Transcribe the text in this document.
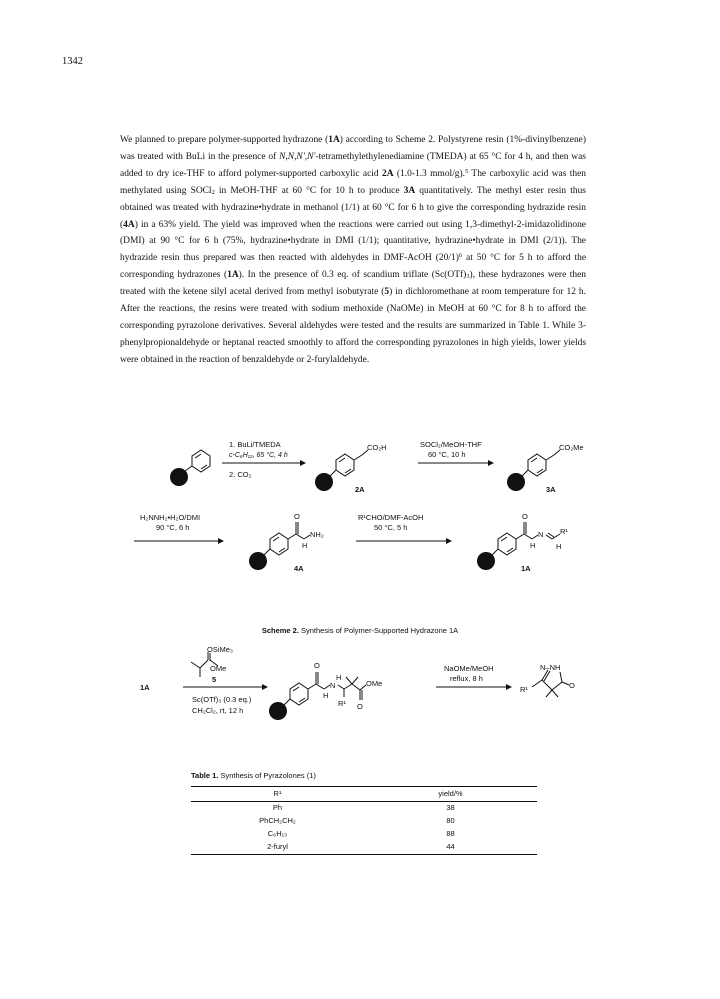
1342

We planned to prepare polymer-supported hydrazone (1A) according to Scheme 2. Polystyrene resin (1%-divinylbenzene) was treated with BuLi in the presence of N,N,N',N'-tetramethylethylenediamine (TMEDA) at 65 °C for 4 h, and then was added to dry ice-THF to afford polymer-supported carboxylic acid 2A (1.0-1.3 mmol/g).$^5$ The carboxylic acid was then methylated using SOCl$_2$ in MeOH-THF at 60 °C for 10 h to produce 3A quantitatively. The methyl ester resin thus obtained was treated with hydrazine•hydrate in methanol (1/1) at 60 °C for 6 h to give the corresponding hydrazide resin (4A) in a 63% yield. The yield was improved when the reactions were carried out using 1,3-dimethyl-2-imidazolidinone (DMI) at 90 °C for 6 h (75%, hydrazine•hydrate in DMI (1/1); quantitative, hydrazine•hydrate in DMI (2/1)). The hydrazide resin thus prepared was then reacted with aldehydes in DMF-AcOH $(20/1)^6$ at 50 °C for 5 h to afford the corresponding hydrazones (1A). In the presence of 0.3 eq. of scandium triflate $(Sc(OTf)_3)$, these hydrazones were then treated with the ketene silyl acetal derived from methyl isobutyrate (5) in dichloromethane at room temperature for 12 h. After the reactions, the resins were treated with sodium methoxide (NaOMe) in MeOH at 60 °C for 8 h to afford the corresponding pyrazolone derivatives. Several aldehydes were tested and the results are summarized in Table 1. While 3-phenylpropionaldehyde or heptanal reacted smoothly to afford the corresponding pyrazolones in high yields, lower yields were obtained in the reaction of benzaldehyde or 2-furylaldehyde.

1. BuLi/TMEDA
c-C₆H₁₂, 65 °C, 4 h
2. CO₂
CO₂H
2A
SOCl₂/MeOH-THF
60 °C, 10 h
CO₂Me
3A
H₂NNH₂•H₂O/DMI
90 °C, 6 h
O
NH₂
H
4A
R¹CHO/DMF-AcOH
50 °C, 5 h
O
N
H	H
R¹
1A
Scheme 2. Synthesis of Polymer-Supported Hydrazone 1A
1A
OSiMe₃
OMe
5
Sc(OTf)₃ (0.3 eq.)
CH₂Cl₂, rt, 12 h
O
N
H
H
R¹ O
OMe
NaOMe/MeOH
reflux, 8 h
N–NH
O
R¹
Table 1. Synthesis of Pyrazolones (1)
R¹	yield/%
Ph	38
PhCH₂CH₂	80
C₆H₁₃	88
2-furyl	44
